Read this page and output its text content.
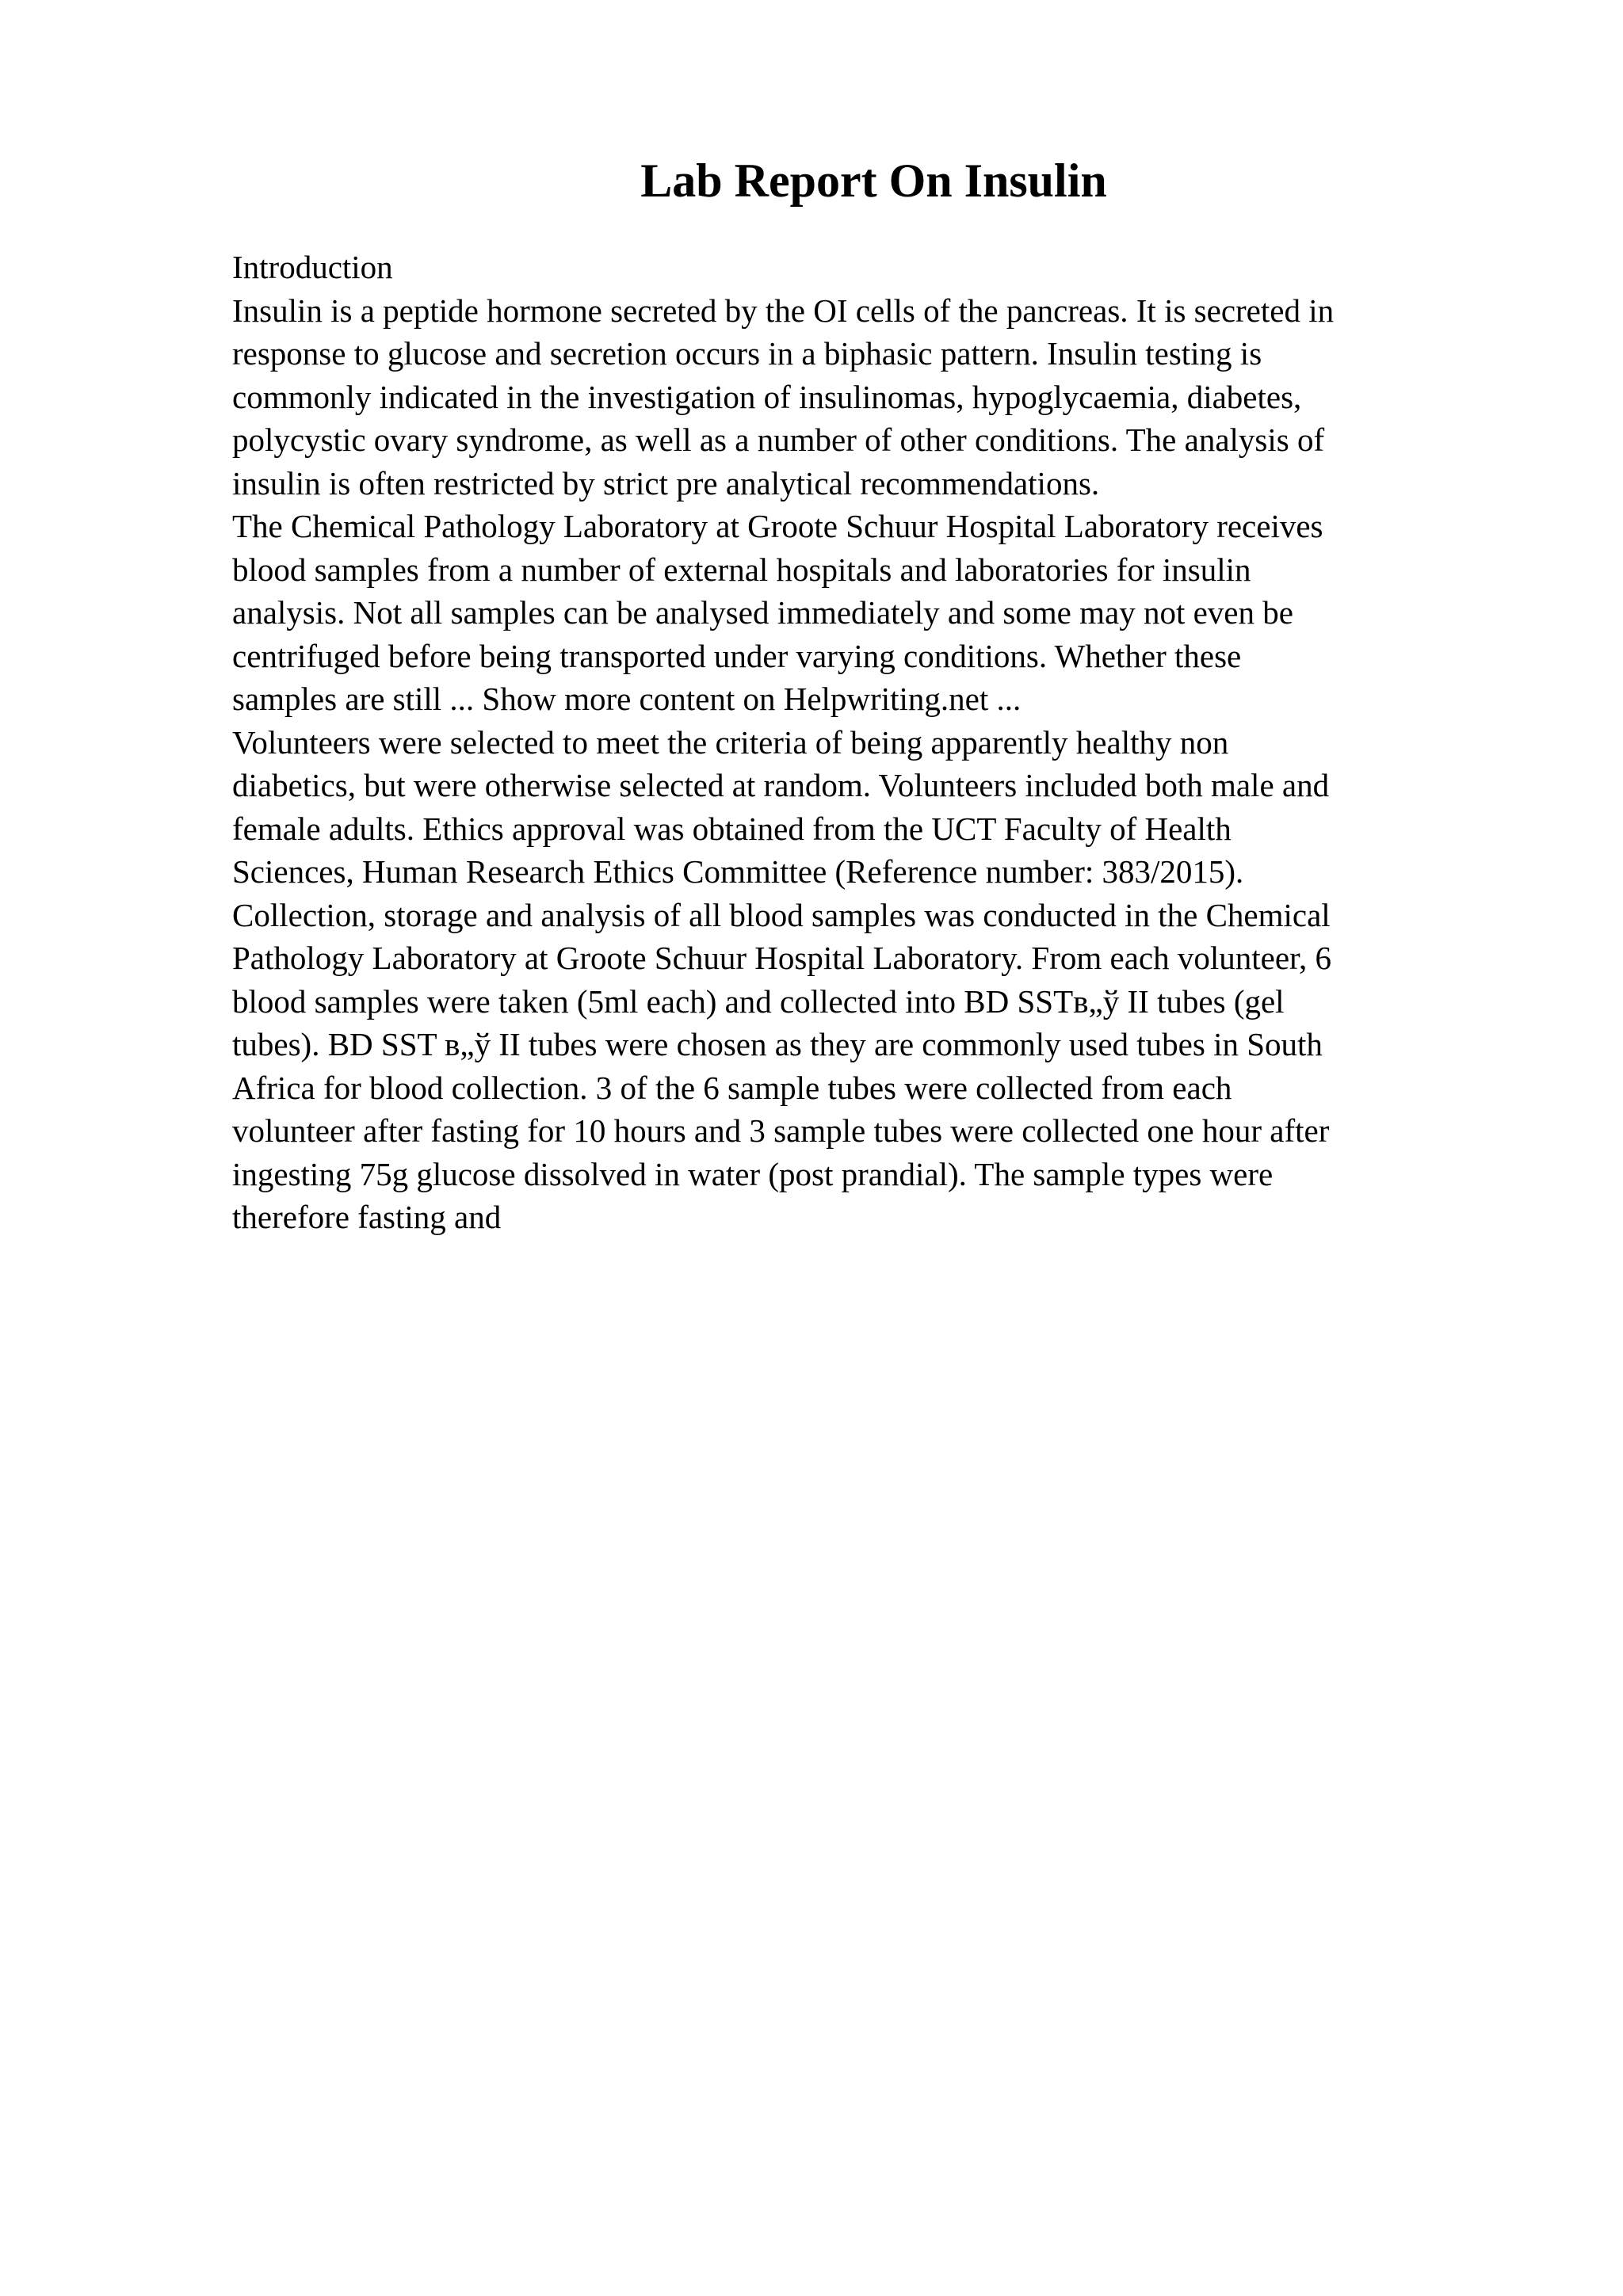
Lab Report On Insulin

Introduction

Insulin is a peptide hormone secreted by the OI cells of the pancreas. It is secreted in

response to glucose and secretion occurs in a biphasic pattern. Insulin testing is

commonly indicated in the investigation of insulinomas, hypoglycaemia, diabetes,

polycystic ovary syndrome, as well as a number of other conditions. The analysis of

insulin is often restricted by strict pre analytical recommendations.

The Chemical Pathology Laboratory at Groote Schuur Hospital Laboratory receives

blood samples from a number of external hospitals and laboratories for insulin

analysis. Not all samples can be analysed immediately and some may not even be

centrifuged before being transported under varying conditions. Whether these

samples are still ... Show more content on Helpwriting.net ...

Volunteers were selected to meet the criteria of being apparently healthy non

diabetics, but were otherwise selected at random. Volunteers included both male and

female adults. Ethics approval was obtained from the UCT Faculty of Health

Sciences, Human Research Ethics Committee (Reference number: 383/2015).

Collection, storage and analysis of all blood samples was conducted in the Chemical

Pathology Laboratory at Groote Schuur Hospital Laboratory. From each volunteer, 6

blood samples were taken (5ml each) and collected into BD SSTв„ў II tubes (gel

tubes). BD SST в„ў II tubes were chosen as they are commonly used tubes in South

Africa for blood collection. 3 of the 6 sample tubes were collected from each

volunteer after fasting for 10 hours and 3 sample tubes were collected one hour after

ingesting 75g glucose dissolved in water (post prandial). The sample types were

therefore fasting and
